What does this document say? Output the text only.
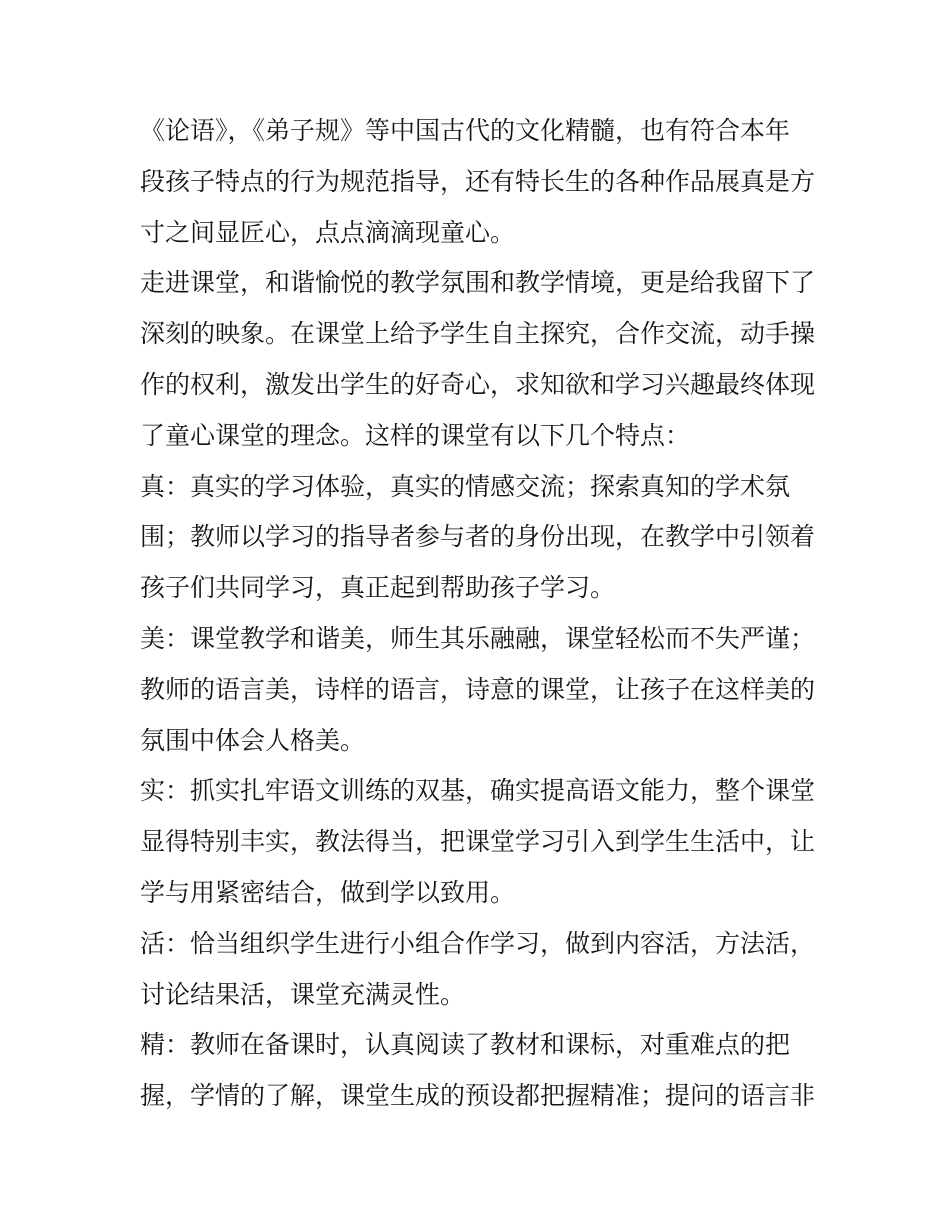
《论语》，《弟子规》等中国古代的文化精髓，也有符合本年
段孩子特点的行为规范指导，还有特长生的各种作品展真是方
寸之间显匠心，点点滴滴现童心。

走进课堂，和谐愉悦的教学氛围和教学情境，更是给我留下了
深刻的映象。在课堂上给予学生自主探究，合作交流，动手操
作的权利，激发出学生的好奇心，求知欲和学习兴趣最终体现
了童心课堂的理念。这样的课堂有以下几个特点：

真：真实的学习体验，真实的情感交流；探索真知的学术氛
围；教师以学习的指导者参与者的身份出现，在教学中引领着
孩子们共同学习，真正起到帮助孩子学习。

美：课堂教学和谐美，师生其乐融融，课堂轻松而不失严谨；
教师的语言美，诗样的语言，诗意的课堂，让孩子在这样美的
氛围中体会人格美。

实：抓实扎牢语文训练的双基，确实提高语文能力，整个课堂
显得特别丰实，教法得当，把课堂学习引入到学生生活中，让
学与用紧密结合，做到学以致用。

活：恰当组织学生进行小组合作学习，做到内容活，方法活，
讨论结果活，课堂充满灵性。

精：教师在备课时，认真阅读了教材和课标，对重难点的把
握，学情的了解，课堂生成的预设都把握精准；提问的语言非
